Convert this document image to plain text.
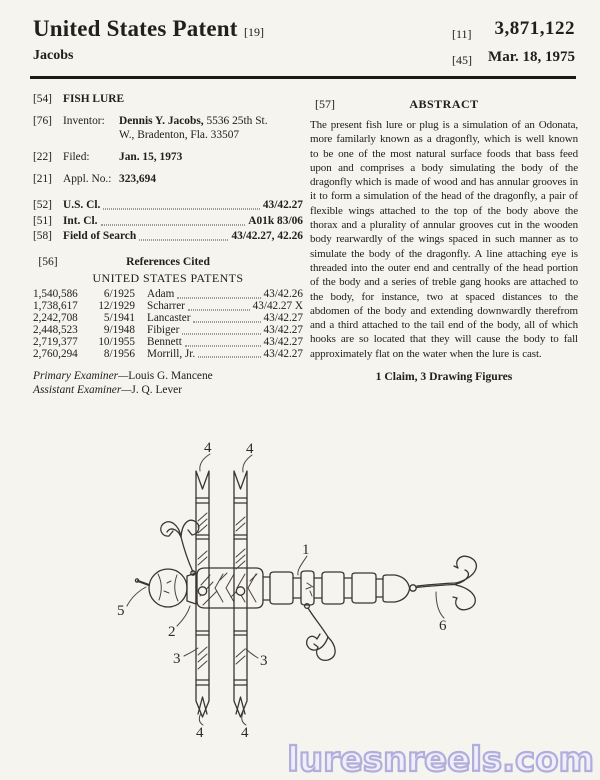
United States Patent [19]
Jacobs
[11] 3,871,122
[45] Mar. 18, 1975
[54] FISH LURE
[76] Inventor:	Dennis Y. Jacobs, 5536 25th St.
W., Bradenton, Fla. 33507
[22] Filed:	Jan. 15, 1973
[21] Appl. No.: 323,694
[52] U.S. Cl.	43/42.27
[51] Int. Cl.	A01k 83/06
[58] Field of Search	43/42.27, 42.26
[56]	References Cited
UNITED STATES PATENTS
1,540,586	6/1925 Adam	43/42.26
1,738,617	12/1929 Scharrer	43/42.27 X
2,242,708	5/1941 Lancaster	43/42.27
2,448,523	9/1948 Fibiger	43/42.27
2,719,377	10/1955 Bennett	43/42.27
2,760,294	8/1956 Morrill, Jr.	43/42.27
Primary Examiner—Louis G. Mancene
Assistant Examiner—J. Q. Lever
[57]	ABSTRACT

The present fish lure or plug is a simulation of an Odonata, more familarly known as a dragonfly, which is well known to be one of the most natural surface foods that bass feed upon and comprises a body simulating the body of the dragonfly which is made of wood and has annular grooves in it to form a simulation of the head of the dragonfly, a pair of flexible wings attached to the top of the body above the thorax and a plurality of annular grooves cut in the wooden body rearwardly of the wings spaced in such manner as to simulate the body of the dragonfly. A line attaching eye is threaded into the outer end and centrally of the head portion of the body and a series of treble gang hooks are attached to the body, for instance, two at spaced distances to the abdomen of the body and extending downwardly therefrom and a third attached to the tail end of the body, all of which hooks are so located that they will cause the body to fall approximately flat on the water when the lure is cast.

1 Claim, 3 Drawing Figures
1
2
5
3	3
4 4
4	4
6
luresnreels.com
